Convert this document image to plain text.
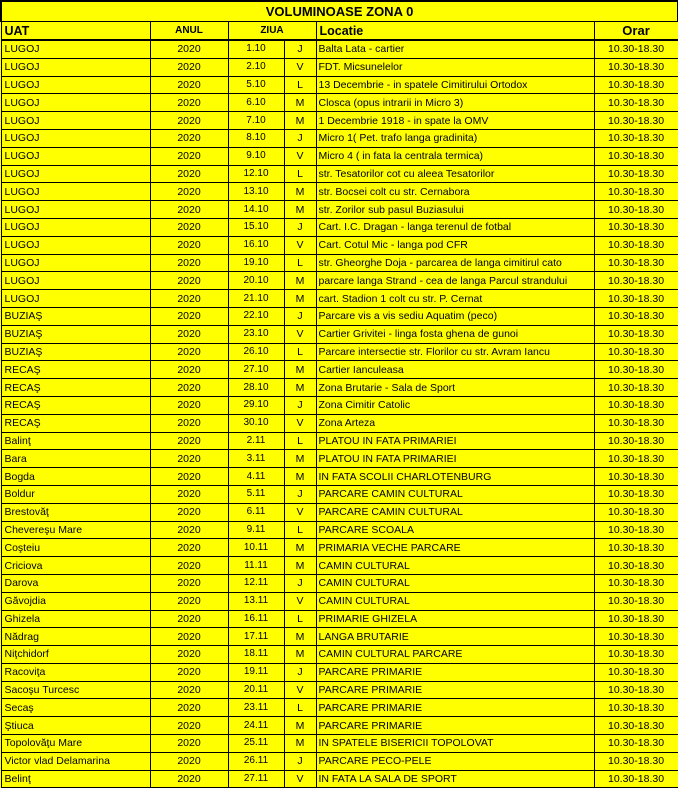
VOLUMINOASE ZONA 0					
UAT	ANUL	ZIUA		Locatie	Orar
LUGOJ	2020	1.10	J	Balta Lata - cartier	10.30-18.30
LUGOJ	2020	2.10	V	FDT. Micsunelelor	10.30-18.30
LUGOJ	2020	5.10	L	13 Decembrie - in spatele Cimitirului Ortodox	10.30-18.30
LUGOJ	2020	6.10	M	Closca (opus intrarii in Micro 3)	10.30-18.30
LUGOJ	2020	7.10	M	1 Decembrie 1918 - in spate la OMV	10.30-18.30
LUGOJ	2020	8.10	J	Micro 1( Pet. trafo langa gradinita)	10.30-18.30
LUGOJ	2020	9.10	V	Micro 4 ( in fata la centrala termica)	10.30-18.30
LUGOJ	2020	12.10	L	str. Tesatorilor cot cu aleea Tesatorilor	10.30-18.30
LUGOJ	2020	13.10	M	str. Bocsei colt cu str. Cernabora	10.30-18.30
LUGOJ	2020	14.10	M	str. Zorilor sub pasul Buziasului	10.30-18.30
LUGOJ	2020	15.10	J	Cart. I.C. Dragan - langa terenul de fotbal	10.30-18.30
LUGOJ	2020	16.10	V	Cart. Cotul Mic - langa pod CFR	10.30-18.30
LUGOJ	2020	19.10	L	str. Gheorghe Doja - parcarea de langa cimitirul cato	10.30-18.30
LUGOJ	2020	20.10	M	parcare langa Strand - cea de langa Parcul strandului	10.30-18.30
LUGOJ	2020	21.10	M	cart. Stadion 1 colt cu str. P. Cernat	10.30-18.30
BUZIAŞ	2020	22.10	J	Parcare vis a vis sediu Aquatim (peco)	10.30-18.30
BUZIAŞ	2020	23.10	V	Cartier Grivitei - linga fosta ghena de gunoi	10.30-18.30
BUZIAŞ	2020	26.10	L	Parcare intersectie str. Florilor cu str. Avram Iancu	10.30-18.30
RECAŞ	2020	27.10	M	Cartier Ianculeasa	10.30-18.30
RECAŞ	2020	28.10	M	Zona Brutarie - Sala de Sport	10.30-18.30
RECAŞ	2020	29.10	J	Zona Cimitir Catolic	10.30-18.30
RECAŞ	2020	30.10	V	Zona Arteza	10.30-18.30
Balinţ	2020	2.11	L	PLATOU IN FATA PRIMARIEI	10.30-18.30
Bara	2020	3.11	M	PLATOU IN FATA PRIMARIEI	10.30-18.30
Bogda	2020	4.11	M	IN FATA SCOLII CHARLOTENBURG	10.30-18.30
Boldur	2020	5.11	J	PARCARE CAMIN CULTURAL	10.30-18.30
Brestovăţ	2020	6.11	V	PARCARE CAMIN CULTURAL	10.30-18.30
Chevereşu Mare	2020	9.11	L	PARCARE SCOALA	10.30-18.30
Coşteiu	2020	10.11	M	PRIMARIA VECHE PARCARE	10.30-18.30
Criciova	2020	11.11	M	CAMIN CULTURAL	10.30-18.30
Darova	2020	12.11	J	CAMIN CULTURAL	10.30-18.30
Găvojdia	2020	13.11	V	CAMIN CULTURAL	10.30-18.30
Ghizela	2020	16.11	L	PRIMARIE GHIZELA	10.30-18.30
Nădrag	2020	17.11	M	LANGA BRUTARIE	10.30-18.30
Niţchidorf	2020	18.11	M	CAMIN CULTURAL PARCARE	10.30-18.30
Racoviţa	2020	19.11	J	PARCARE PRIMARIE	10.30-18.30
Sacoşu Turcesc	2020	20.11	V	PARCARE PRIMARIE	10.30-18.30
Secaş	2020	23.11	L	PARCARE PRIMARIE	10.30-18.30
Ştiuca	2020	24.11	M	PARCARE PRIMARIE	10.30-18.30
Topolovăţu Mare	2020	25.11	M	IN SPATELE BISERICII TOPOLOVAT	10.30-18.30
Victor vlad Delamarina	2020	26.11	J	PARCARE PECO-PELE	10.30-18.30
Belinţ	2020	27.11	V	IN FATA LA SALA DE SPORT	10.30-18.30
